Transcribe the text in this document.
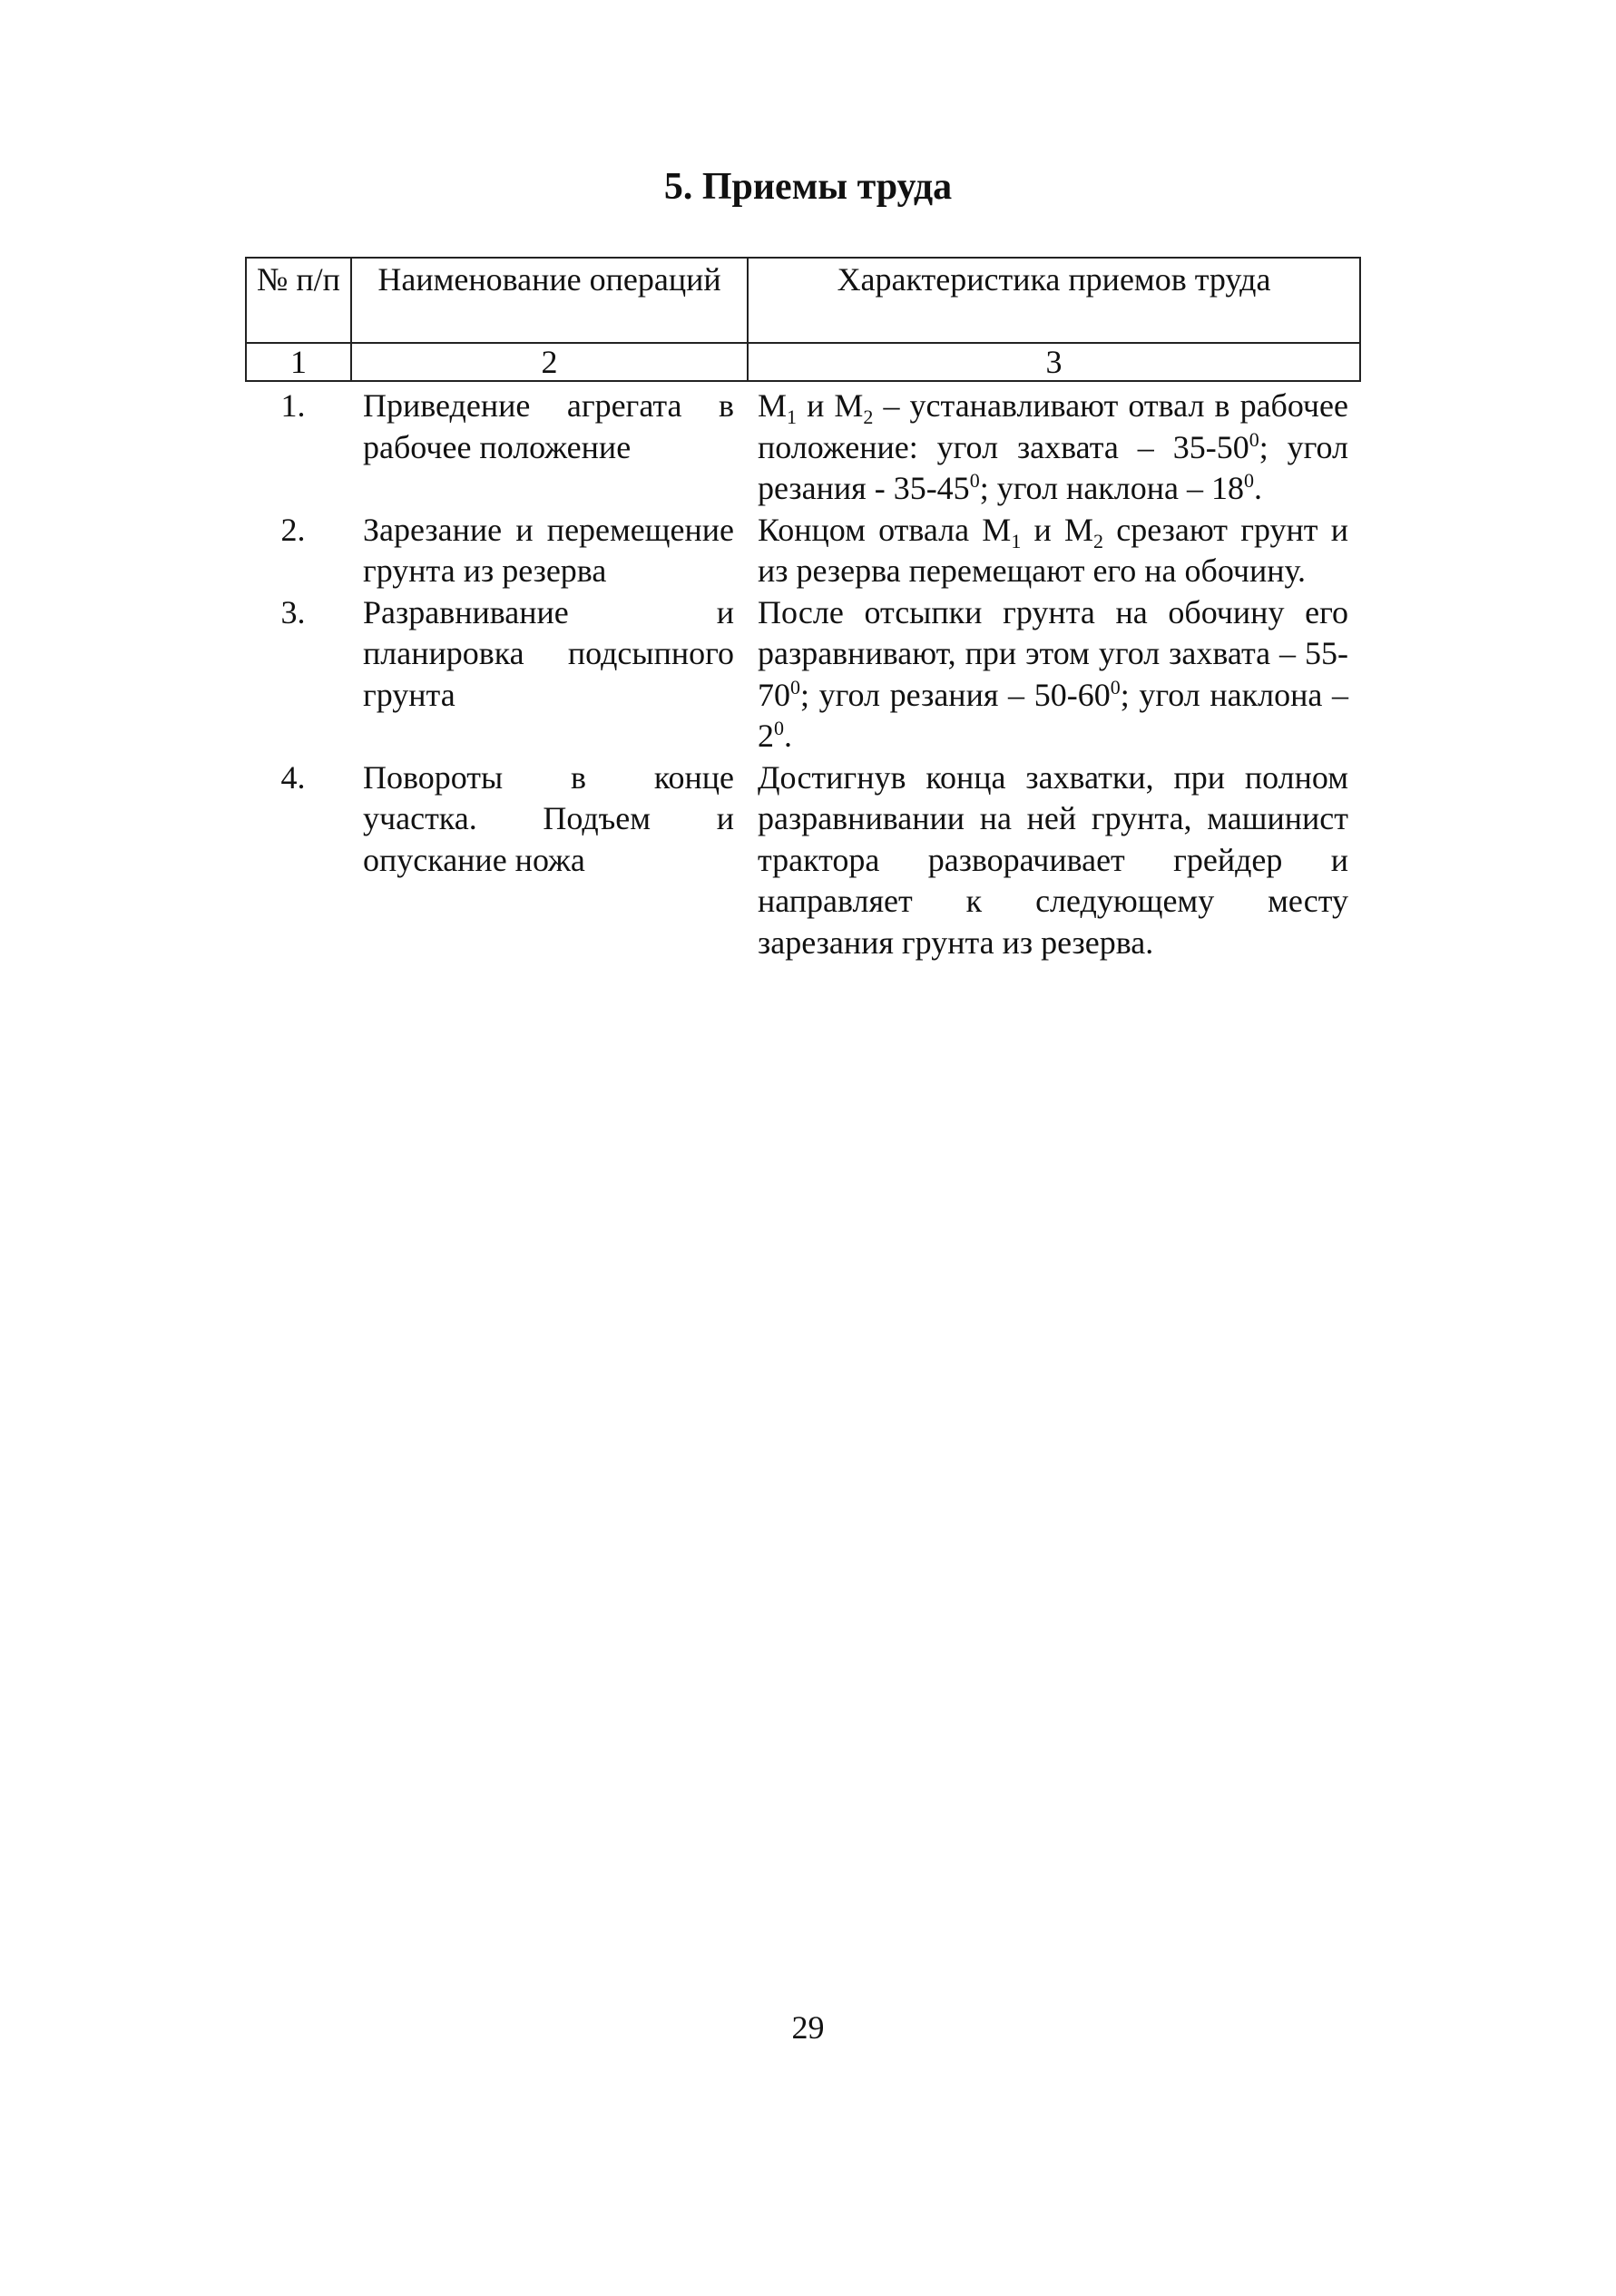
5. Приемы труда
№ п/п	Наименование операций	Характеристика приемов труда
1	2	3
1.	Приведение агрегата в рабочее положение	$М_1$ и $М_2$ – устанавливают отвал в рабочее положение: угол захвата – $35-50^0$; угол резания - $35-45^0$; угол наклона – $18^0$.
2.	Зарезание и перемещение грунта из резерва	Концом отвала $М_1$ и $М_2$ срезают грунт и из резерва перемещают его на обочину.
3.	Разравнивание и планировка подсыпного грунта	После отсыпки грунта на обочину его разравнивают, при этом угол захвата – $55-70^0$; угол резания – $50-60^0$; угол наклона – $2^0$.
4.	Повороты в конце участка. Подъем и опускание ножа	Достигнув конца захватки, при полном разравнивании на ней грунта, машинист трактора разворачивает грейдер и направляет к следующему месту зарезания грунта из резерва.
29
